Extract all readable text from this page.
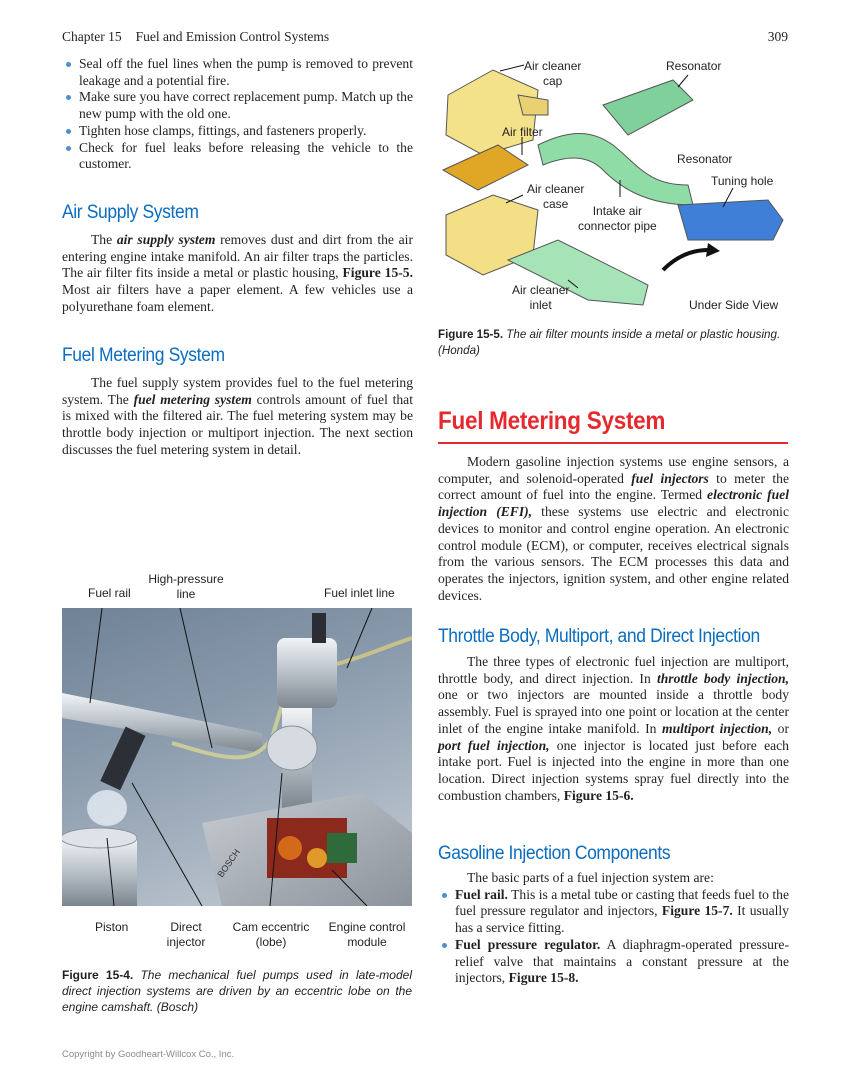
Chapter 15 Fuel and Emission Control Systems	309
Seal off the fuel lines when the pump is removed to prevent leakage and a potential fire.
Make sure you have correct replacement pump. Match up the new pump with the old one.
Tighten hose clamps, fittings, and fasteners properly.
Check for fuel leaks before releasing the vehicle to the customer.
Air Supply System

The air supply system removes dust and dirt from the air entering engine intake manifold. An air filter traps the particles. The air filter fits inside a metal or plastic housing, Figure 15-5. Most air filters have a paper element. A few vehicles use a polyurethane foam element.

Fuel Metering System

The fuel supply system provides fuel to the fuel metering system. The fuel metering system controls amount of fuel that is mixed with the filtered air. The fuel metering system may be throttle body injection or multiport injection. The next section discusses the fuel metering system in detail.

Fuel rail
High-pressure
line	Fuel inlet line
BOSCH
Piston	Direct
injector
Cam eccentric
(lobe)
Engine control
module
Figure 15-4. The mechanical fuel pumps used in late-model direct injection systems are driven by an eccentric lobe on the engine camshaft. (Bosch)
Copyright by Goodheart-Willcox Co., Inc.
Air cleaner
cap
Resonator
Air filter
Resonator
Tuning hole
Air cleaner
case
Intake air
connector pipe
Air cleaner
inlet	Under Side View
Figure 15-5. The air filter mounts inside a metal or plastic housing. (Honda)
Fuel Metering System

Modern gasoline injection systems use engine sensors, a computer, and solenoid-operated fuel injectors to meter the correct amount of fuel into the engine. Termed electronic fuel injection (EFI), these systems use electric and electronic devices to monitor and control engine operation. An electronic control module (ECM), or computer, receives electrical signals from the various sensors. The ECM processes this data and operates the injectors, ignition system, and other engine related devices.

Throttle Body, Multiport, and Direct Injection

The three types of electronic fuel injection are multiport, throttle body, and direct injection. In throttle body injection, one or two injectors are mounted inside a throttle body assembly. Fuel is sprayed into one point or location at the center inlet of the engine intake manifold. In multiport injection, or port fuel injection, one injector is located just before each intake port. Fuel is injected into the engine in more than one location. Direct injection systems spray fuel directly into the combustion chambers, Figure 15-6.

Gasoline Injection Components

The basic parts of a fuel injection system are:

Fuel rail. This is a metal tube or casting that feeds fuel to the fuel pressure regulator and injectors, Figure 15-7. It usually has a service fitting.
Fuel pressure regulator. A diaphragm-operated pressure-relief valve that maintains a constant pressure at the injectors, Figure 15-8.
